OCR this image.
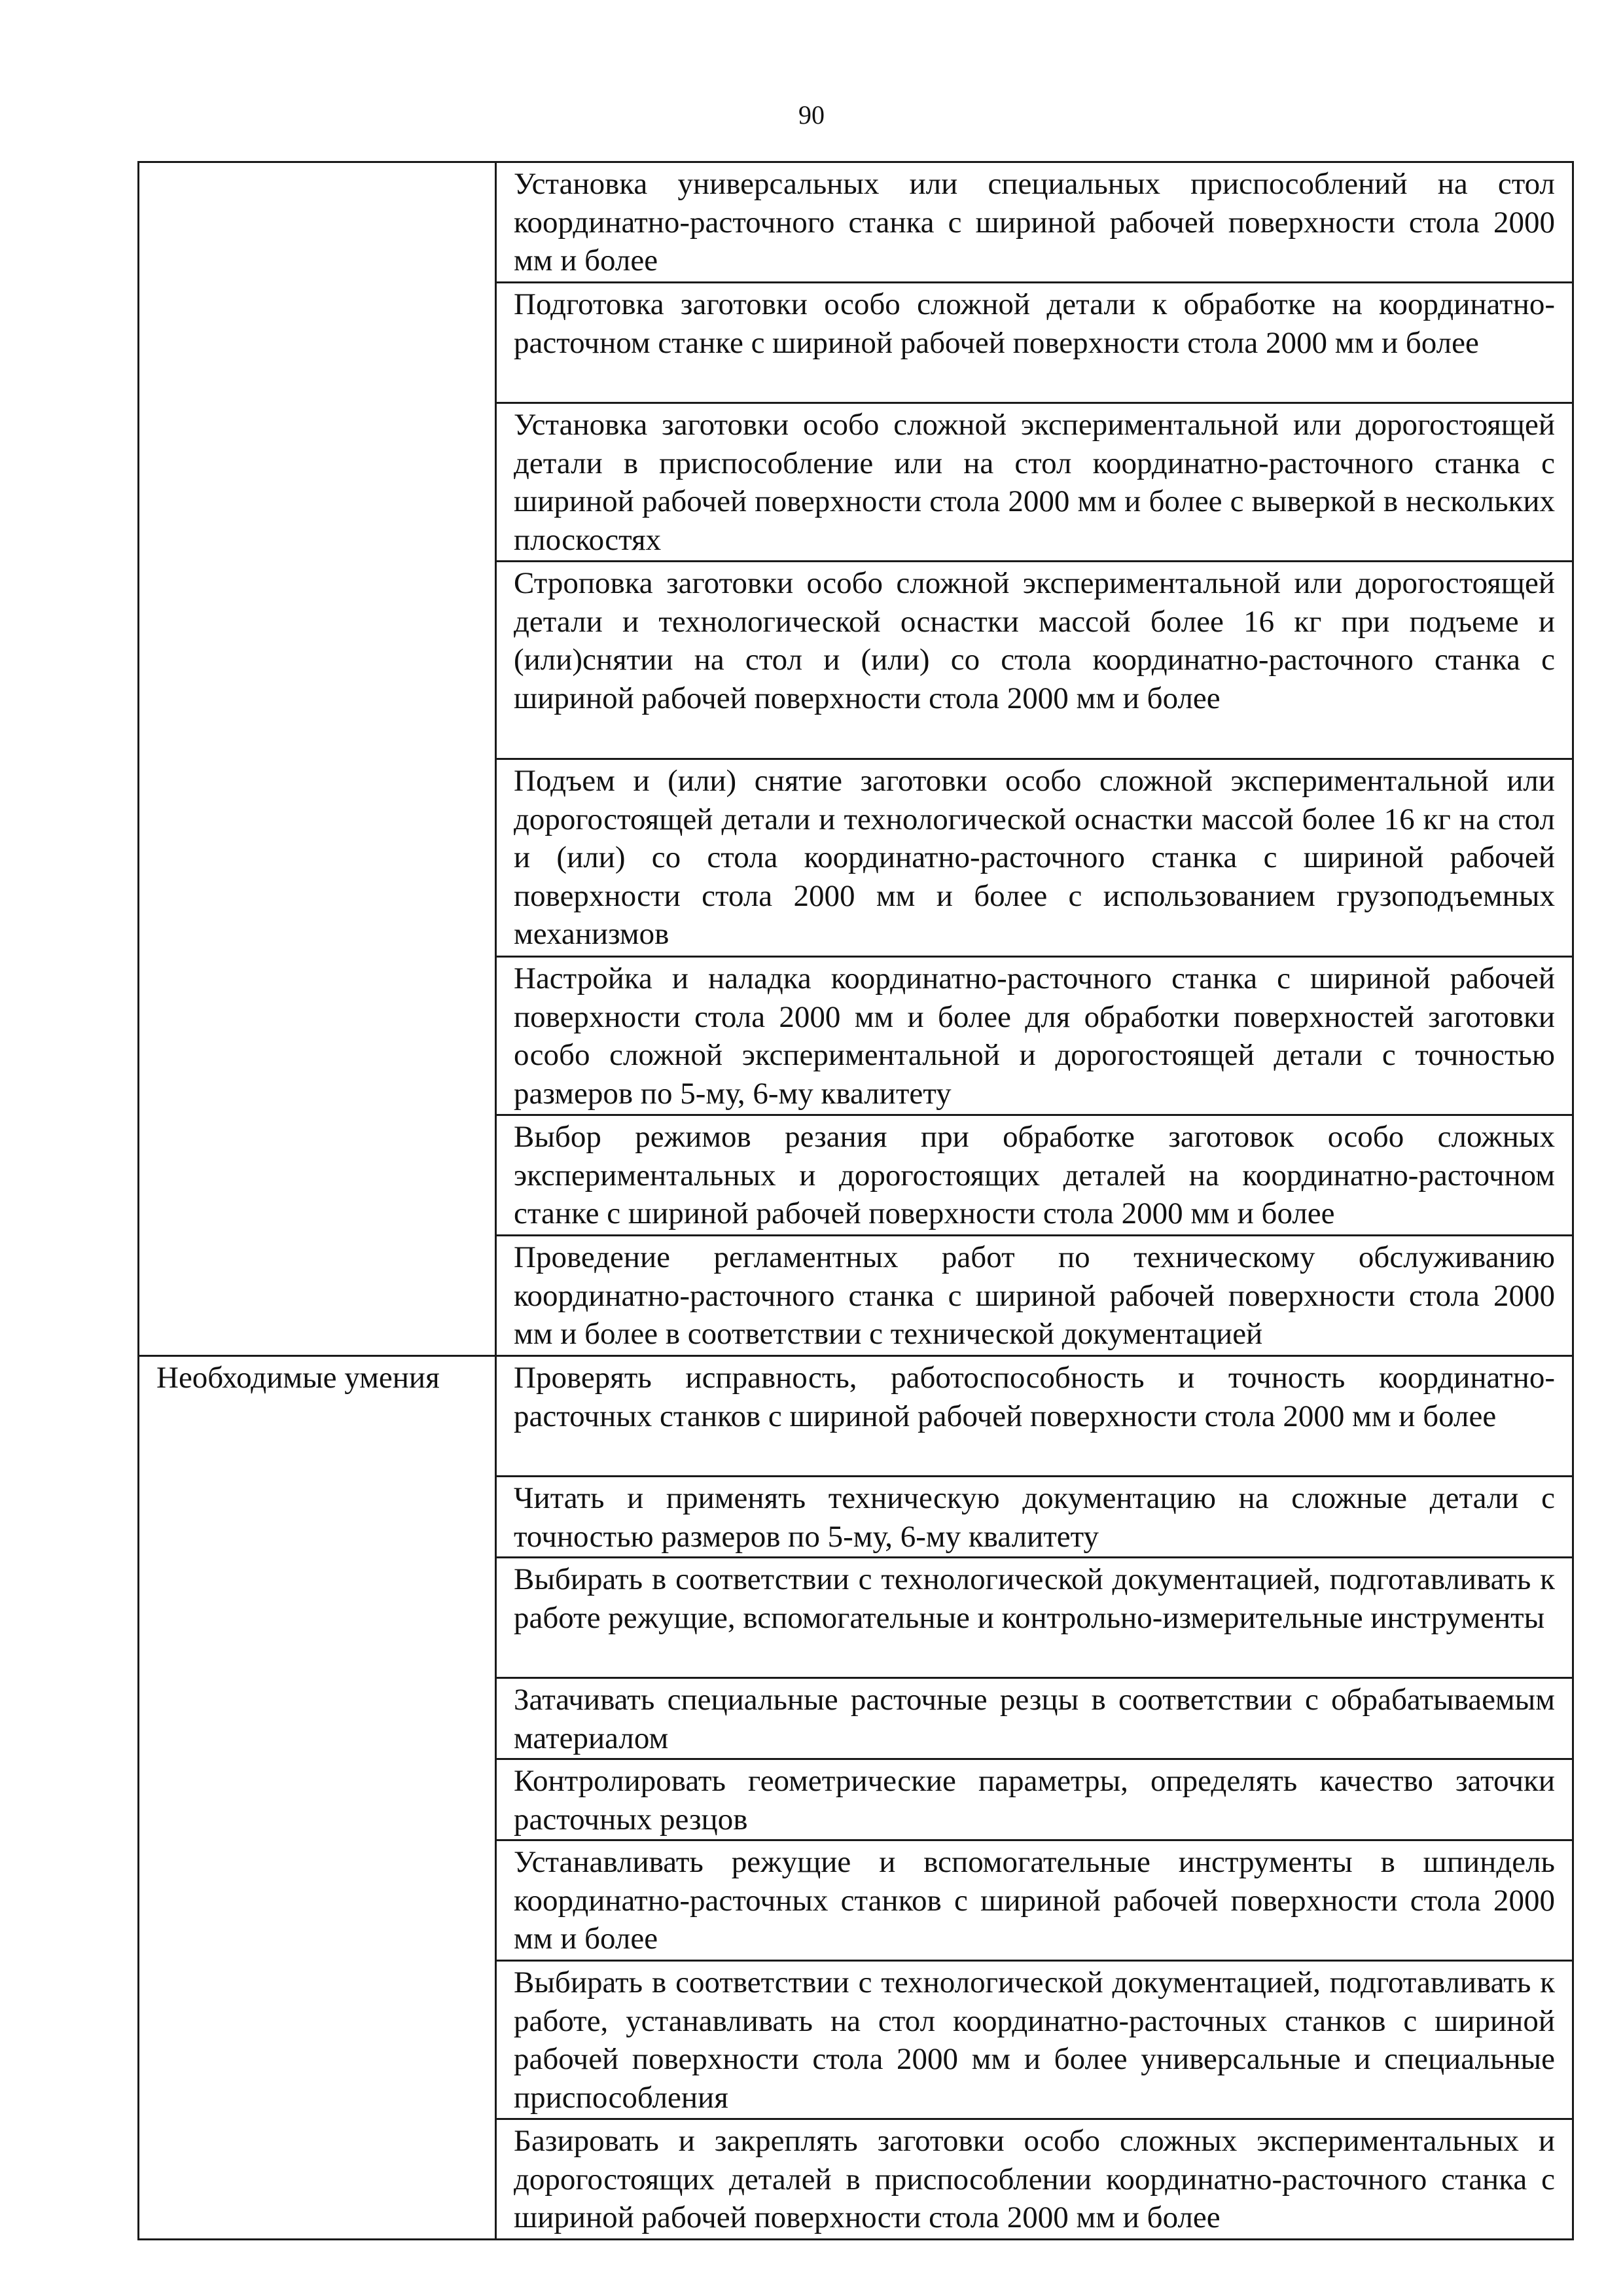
90
	Установка универсальных или специальных приспособлений на стол координатно-расточного станка с шириной рабочей поверхности стола 2000 мм и более
	Подготовка заготовки особо сложной детали к обработке на координатно-расточном станке с шириной рабочей поверхности стола 2000 мм и более
	Установка заготовки особо сложной экспериментальной или дорогостоящей детали в приспособление или на стол координатно-расточного станка с шириной рабочей поверхности стола 2000 мм и более с выверкой в нескольких плоскостях
	Строповка заготовки особо сложной экспериментальной или дорогостоящей детали и технологической оснастки массой более 16 кг при подъеме и (или)снятии на стол и (или) со стола координатно-расточного станка с шириной рабочей поверхности стола 2000 мм и более
	Подъем и (или) снятие заготовки особо сложной экспериментальной или дорогостоящей детали и технологической оснастки массой более 16 кг на стол и (или) со стола координатно-расточного станка с шириной рабочей поверхности стола 2000 мм и более с использованием грузоподъемных механизмов
	Настройка и наладка координатно-расточного станка с шириной рабочей поверхности стола 2000 мм и более для обработки поверхностей заготовки особо сложной экспериментальной и дорогостоящей детали с точностью размеров по 5-му, 6-му квалитету
	Выбор режимов резания при обработке заготовок особо сложных экспериментальных и дорогостоящих деталей на координатно-расточном станке с шириной рабочей поверхности стола 2000 мм и более
	Проведение регламентных работ по техническому обслуживанию координатно-расточного станка с шириной рабочей поверхности стола 2000 мм и более в соответствии с технической документацией
Необходимые умения	Проверять исправность, работоспособность и точность координатно-расточных станков с шириной рабочей поверхности стола 2000 мм и более
	Читать и применять техническую документацию на сложные детали с точностью размеров по 5-му, 6-му квалитету
	Выбирать в соответствии с технологической документацией, подготавливать к работе режущие, вспомогательные и контрольно-измерительные инструменты
	Затачивать специальные расточные резцы в соответствии с обрабатываемым материалом
	Контролировать геометрические параметры, определять качество заточки расточных резцов
	Устанавливать режущие и вспомогательные инструменты в шпиндель координатно-расточных станков с шириной рабочей поверхности стола 2000 мм и более
	Выбирать в соответствии с технологической документацией, подготавливать к работе, устанавливать на стол координатно-расточных станков с шириной рабочей поверхности стола 2000 мм и более универсальные и специальные приспособления
	Базировать и закреплять заготовки особо сложных экспериментальных и дорогостоящих деталей в приспособлении координатно-расточного станка с шириной рабочей поверхности стола 2000 мм и более
